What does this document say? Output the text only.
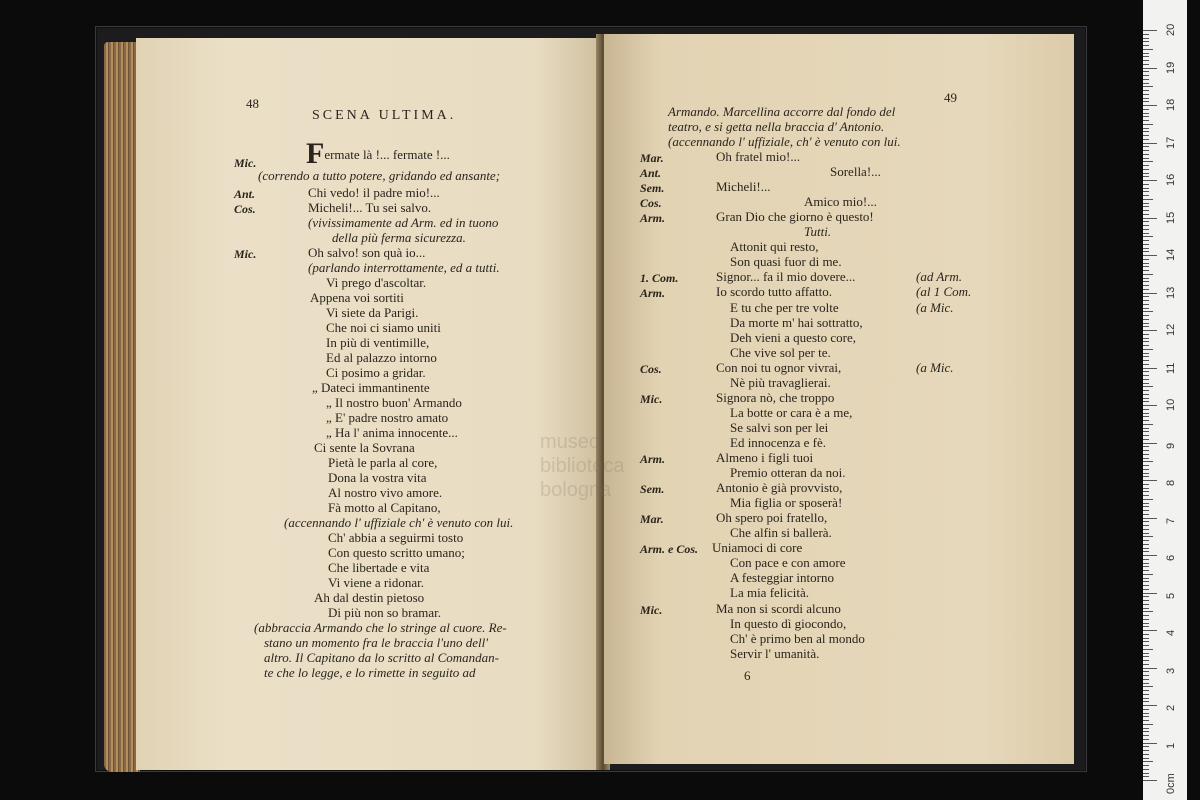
48
SCENA ULTIMA.
Mic. Fermate là !... fermate !...
(correndo a tutto potere, gridando ed ansante;
Ant.	Chi vedo! il padre mio!...
Cos.	Micheli!... Tu sei salvo.
(vivissimamente ad Arm. ed in tuono
della più ferma sicurezza.
Mic.	Oh salvo! son quà io...
(parlando interrottamente, ed a tutti.
Vi prego d'ascoltar.
Appena voi sortiti
Vi siete da Parigi.
Che noi ci siamo uniti
In più di ventimille,
Ed al palazzo intorno
Ci posimo a gridar.
„ Dateci immantinente
„ Il nostro buon' Armando
„ E' padre nostro amato
„ Ha l' anima innocente...
Ci sente la Sovrana
Pietà le parla al core,
Dona la vostra vita
Al nostro vivo amore.
Fà motto al Capitano,
(accennando l' uffiziale ch' è venuto con lui.
Ch' abbia a seguirmi tosto
Con questo scritto umano;
Che libertade e vita
Vi viene a ridonar.
Ah dal destin pietoso
Di più non so bramar.
(abbraccia Armando che lo stringe al cuore. Re-
stano un momento fra le braccia l'uno dell'
altro. Il Capitano da lo scritto al Comandan-
te che lo legge, e lo rimette in seguito ad
49
Armando. Marcellina accorre dal fondo del
teatro, e si getta nella braccia d' Antonio.
(accennando l' uffiziale, ch' è venuto con lui.
Mar.	Oh fratel mio!...
Ant.	Sorella!...
Sem.	Micheli!...
Cos.	Amico mio!...
Arm.	Gran Dio che giorno è questo!
Tutti.
Attonit qui resto,
Son quasi fuor di me.
1. Com.	Signor... fa il mio dovere...	(ad Arm.
Arm.	Io scordo tutto affatto.	(al 1 Com.
E tu che per tre volte	(a Mic.
Da morte m' hai sottratto,
Deh vieni a questo core,
Che vive sol per te.
Cos.	Con noi tu ognor vivrai,	(a Mic.
Nè più travaglierai.
Mic.	Signora nò, che troppo
La botte or cara è a me,
Se salvi son per lei
Ed innocenza e fè.
Arm.	Almeno i figli tuoi
Premio otteran da noi.
Sem.	Antonio è già provvisto,
Mia figlia or sposerà!
Mar.	Oh spero poi fratello,
Che alfin si ballerà.
Arm. e Cos. Uniamoci di core
Con pace e con amore
A festeggiar intorno
La mia felicità.
Mic.	Ma non si scordi alcuno
In questo dì giocondo,
Ch' è primo ben al mondo
Servir l' umanità.
6
museo
biblioteca
bologna
1
2
3
4
5
6
7
8
9
10
11
12
13
14
15
16
17
18
19
20
0cm
